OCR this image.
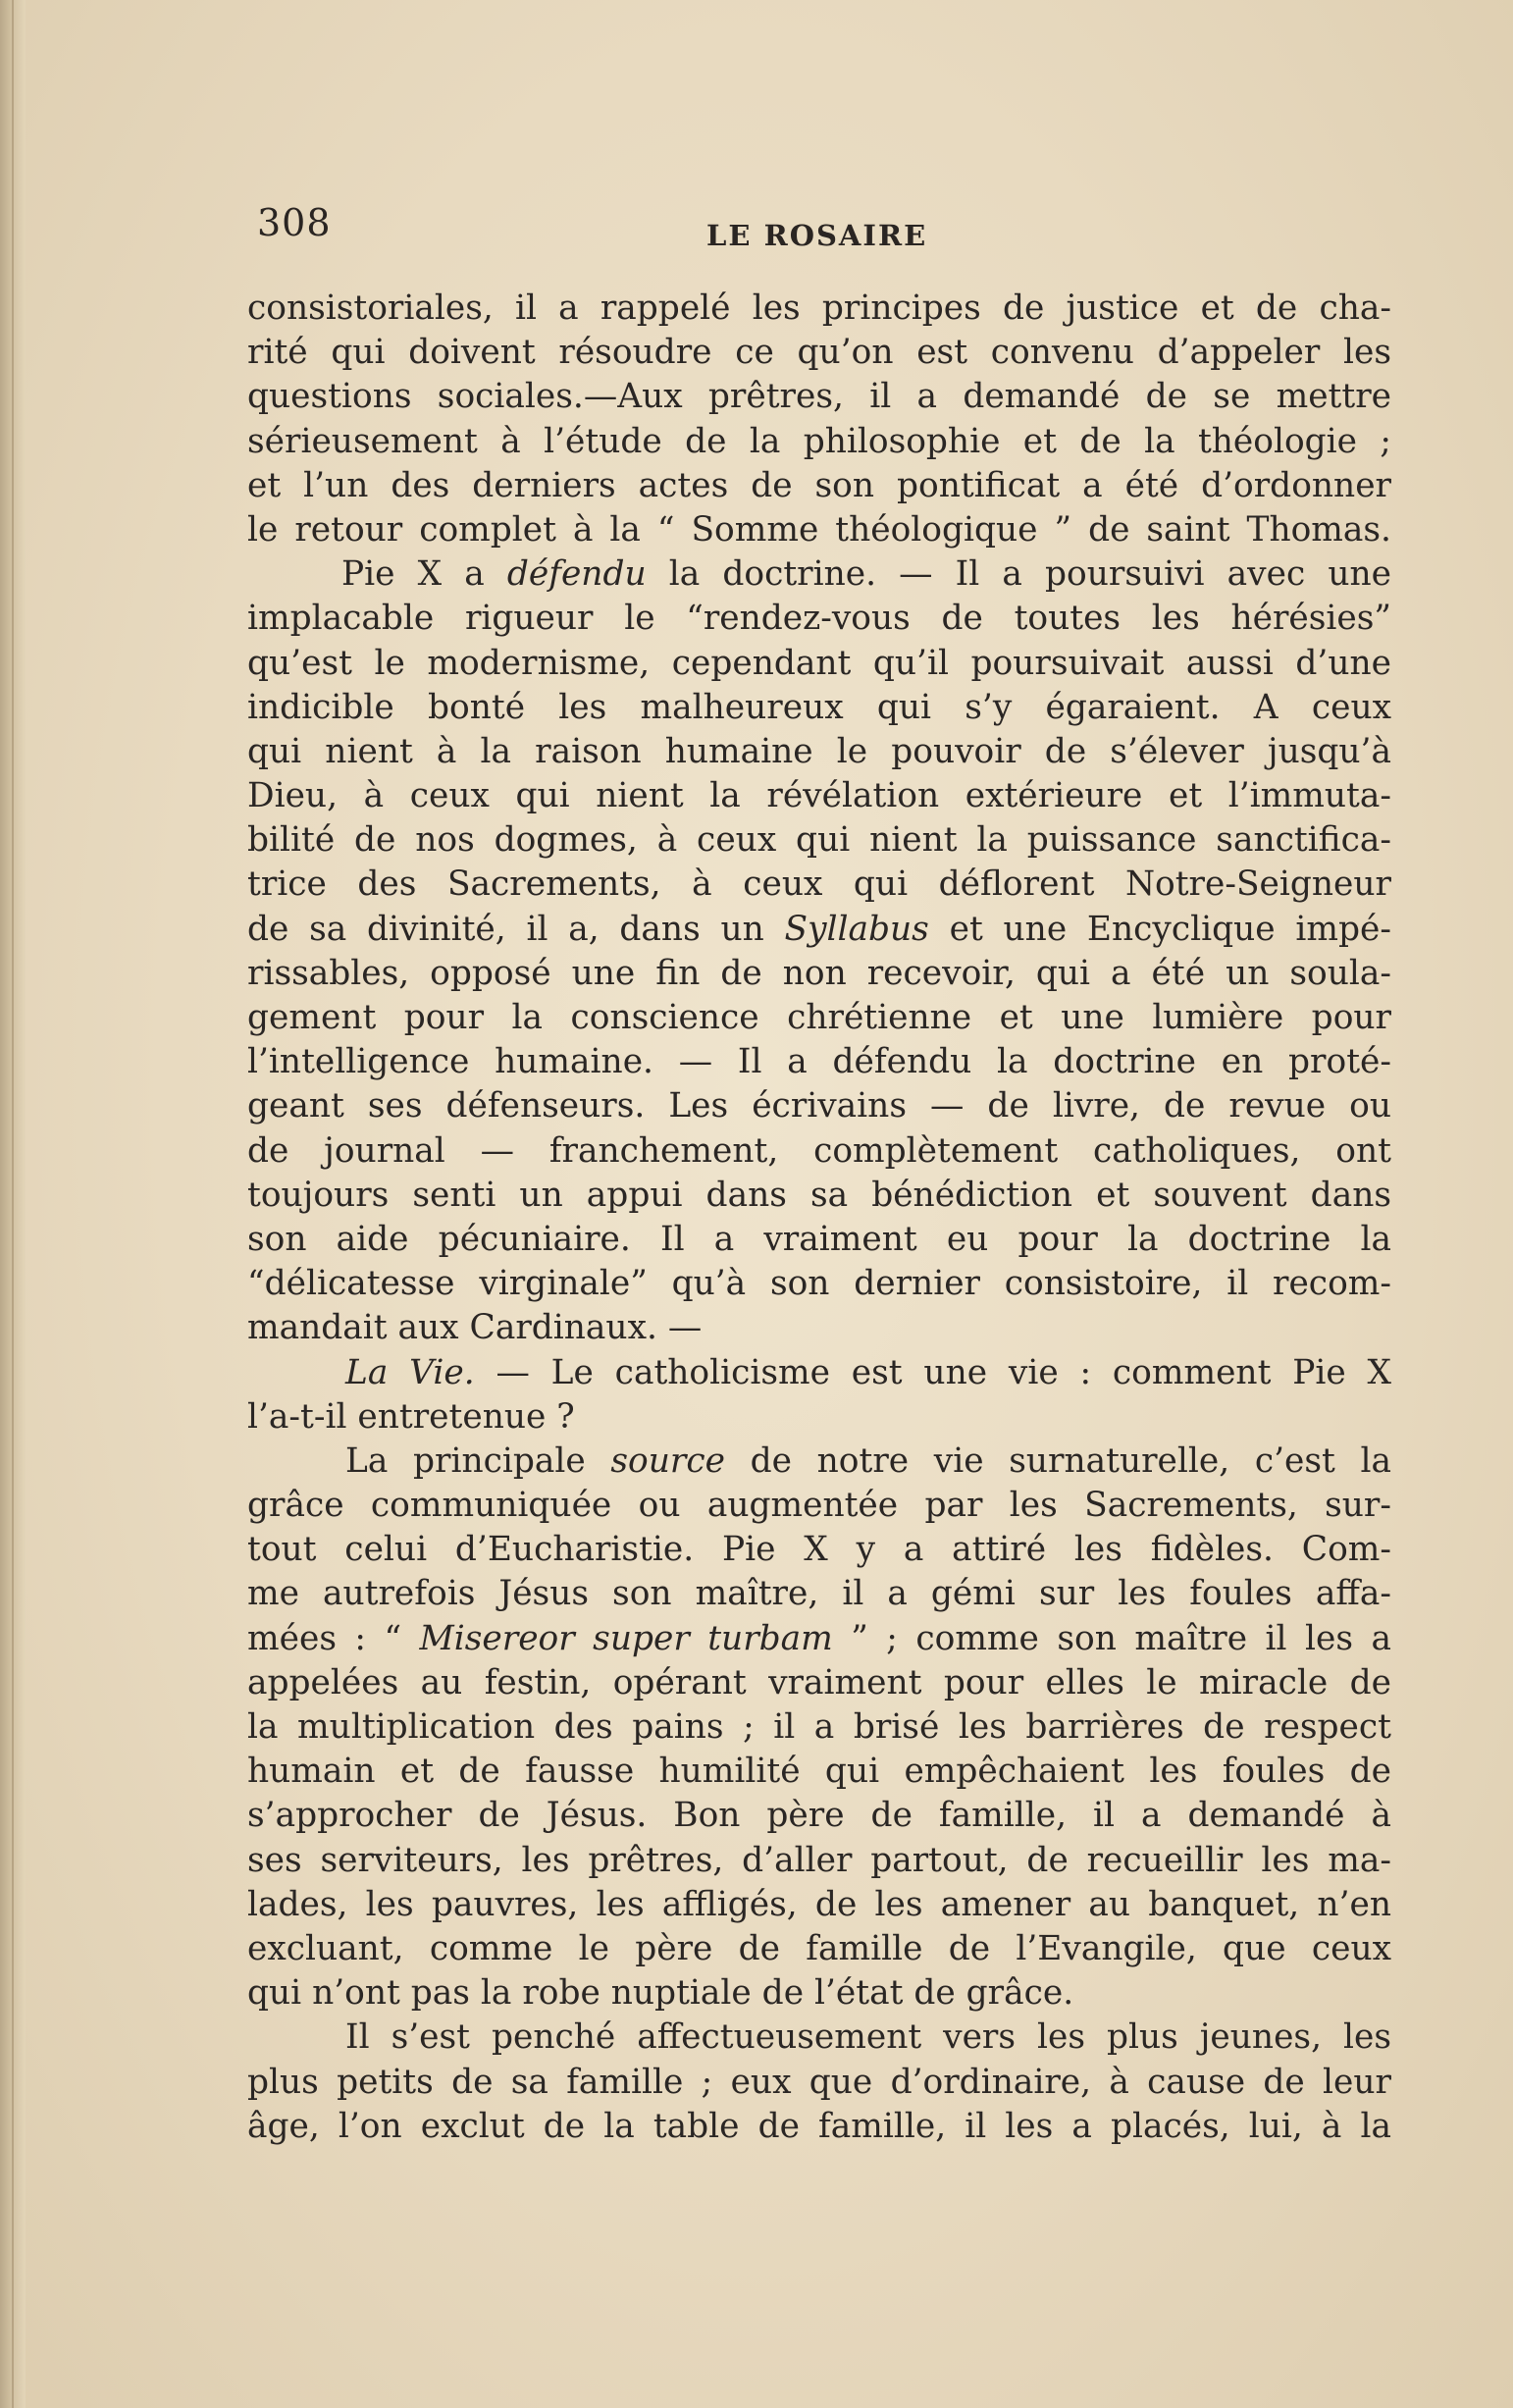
308	LE ROSAIRE
consistoriales, il a rappelé les principes de justice et de cha-
rité qui doivent résoudre ce qu’on est convenu d’appeler les
questions sociales.—Aux prêtres, il a demandé de se mettre
sérieusement à l’étude de la philosophie et de la théologie ;
et l’un des derniers actes de son pontificat a été d’ordonner
le retour complet à la “ Somme théologique ” de saint Thomas.
Pie X a défendu la doctrine. — Il a poursuivi avec une
implacable rigueur le “rendez-vous de toutes les hérésies”
qu’est le modernisme, cependant qu’il poursuivait aussi d’une
indicible bonté les malheureux qui s’y égaraient. A ceux
qui nient à la raison humaine le pouvoir de s’élever jusqu’à
Dieu, à ceux qui nient la révélation extérieure et l’immuta-
bilité de nos dogmes, à ceux qui nient la puissance sanctifica-
trice des Sacrements, à ceux qui déflorent Notre-Seigneur
de sa divinité, il a, dans un Syllabus et une Encyclique impé-
rissables, opposé une fin de non recevoir, qui a été un soula-
gement pour la conscience chrétienne et une lumière pour
l’intelligence humaine. — Il a défendu la doctrine en proté-
geant ses défenseurs. Les écrivains — de livre, de revue ou
de journal — franchement, complètement catholiques, ont
toujours senti un appui dans sa bénédiction et souvent dans
son aide pécuniaire. Il a vraiment eu pour la doctrine la
“délicatesse virginale” qu’à son dernier consistoire, il recom-
mandait aux Cardinaux. —
La Vie. — Le catholicisme est une vie : comment Pie X
l’a-t-il entretenue ?
La principale source de notre vie surnaturelle, c’est la
grâce communiquée ou augmentée par les Sacrements, sur-
tout celui d’Eucharistie. Pie X y a attiré les fidèles. Com-
me autrefois Jésus son maître, il a gémi sur les foules affa-
mées : “ Misereor super turbam ” ; comme son maître il les a
appelées au festin, opérant vraiment pour elles le miracle de
la multiplication des pains ; il a brisé les barrières de respect
humain et de fausse humilité qui empêchaient les foules de
s’approcher de Jésus. Bon père de famille, il a demandé à
ses serviteurs, les prêtres, d’aller partout, de recueillir les ma-
lades, les pauvres, les affligés, de les amener au banquet, n’en
excluant, comme le père de famille de l’Evangile, que ceux
qui n’ont pas la robe nuptiale de l’état de grâce.
Il s’est penché affectueusement vers les plus jeunes, les
plus petits de sa famille ; eux que d’ordinaire, à cause de leur
âge, l’on exclut de la table de famille, il les a placés, lui, à la
